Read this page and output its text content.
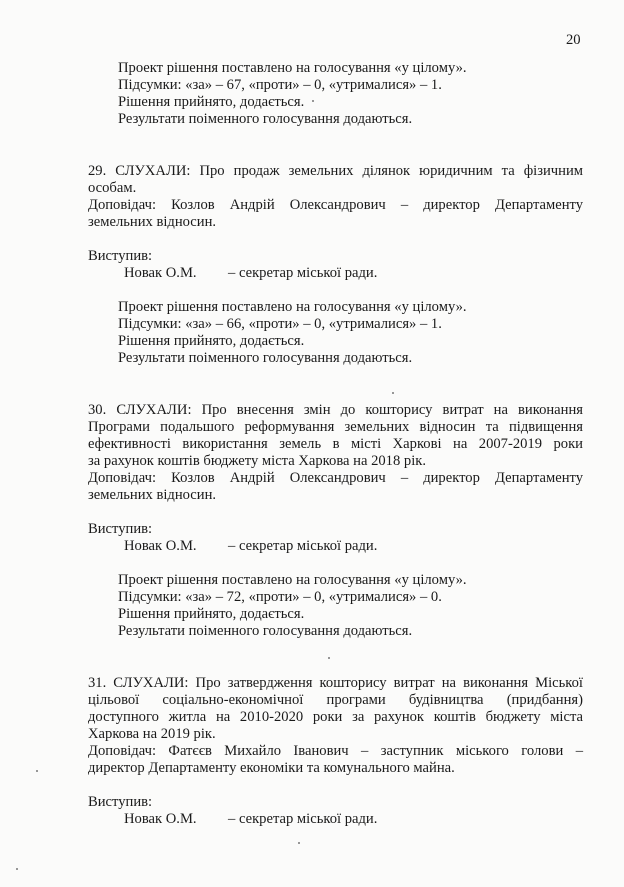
20
Проект рішення поставлено на голосування «у цілому».
Підсумки: «за» – 67, «проти» – 0, «утрималися» – 1.
Рішення прийнято, додається.
Результати поіменного голосування додаються.
29. СЛУХАЛИ: Про продаж земельних ділянок юридичним та фізичним
особам.
Доповідач: Козлов Андрій Олександрович – директор Департаменту
земельних відносин.
Виступив:
Новак О.М. – секретар міської ради.
Проект рішення поставлено на голосування «у цілому».
Підсумки: «за» – 66, «проти» – 0, «утрималися» – 1.
Рішення прийнято, додається.
Результати поіменного голосування додаються.
30. СЛУХАЛИ: Про внесення змін до кошторису витрат на виконання
Програми подальшого реформування земельних відносин та підвищення
ефективності використання земель в місті Харкові на 2007-2019 роки
за рахунок коштів бюджету міста Харкова на 2018 рік.
Доповідач: Козлов Андрій Олександрович – директор Департаменту
земельних відносин.
Виступив:
Новак О.М. – секретар міської ради.
Проект рішення поставлено на голосування «у цілому».
Підсумки: «за» – 72, «проти» – 0, «утрималися» – 0.
Рішення прийнято, додається.
Результати поіменного голосування додаються.
31. СЛУХАЛИ: Про затвердження кошторису витрат на виконання Міської
цільової соціально-економічної програми будівництва (придбання)
доступного житла на 2010-2020 роки за рахунок коштів бюджету міста
Харкова на 2019 рік.
Доповідач: Фатєєв Михайло Іванович – заступник міського голови –
директор Департаменту економіки та комунального майна.
Виступив:
Новак О.М. – секретар міської ради.
